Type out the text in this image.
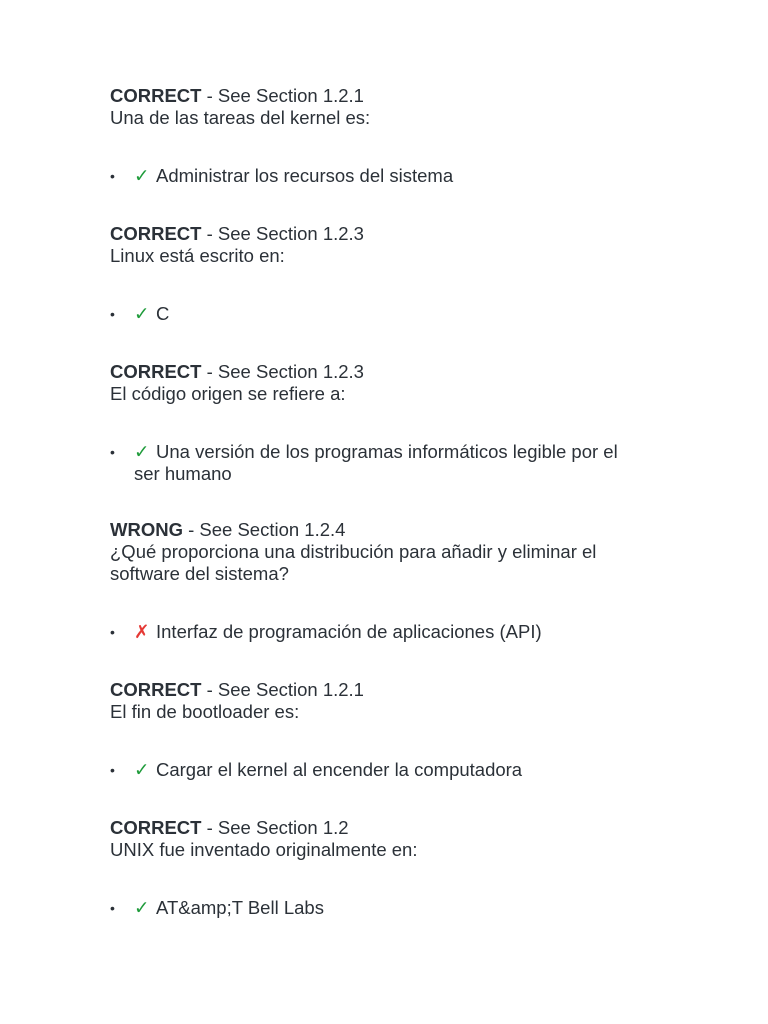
CORRECT - See Section 1.2.1

Una de las tareas del kernel es:

• ✓ Administrar los recursos del sistema

CORRECT - See Section 1.2.3

Linux está escrito en:

• ✓ C

CORRECT - See Section 1.2.3

El código origen se refiere a:

• ✓ Una versión de los programas informáticos legible por el ser humano

WRONG - See Section 1.2.4

¿Qué proporciona una distribución para añadir y eliminar el software del sistema?

• ✗ Interfaz de programación de aplicaciones (API)

CORRECT - See Section 1.2.1

El fin de bootloader es:

• ✓ Cargar el kernel al encender la computadora

CORRECT - See Section 1.2

UNIX fue inventado originalmente en:

• ✓ AT&amp;T Bell Labs
